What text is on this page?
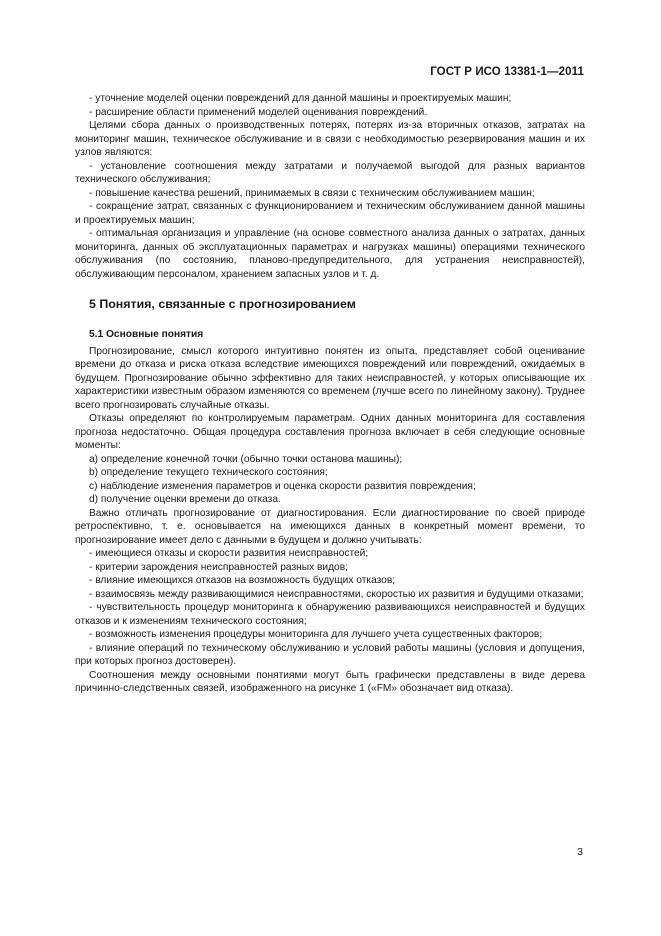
ГОСТ Р ИСО 13381-1—2011
- уточнение моделей оценки повреждений для данной машины и проектируемых машин;
- расширение области применений моделей оценивания повреждений.
Целями сбора данных о производственных потерях, потерях из-за вторичных отказов, затратах на мониторинг машин, техническое обслуживание и в связи с необходимостью резервирования машин и их узлов являются:
- установление соотношения между затратами и получаемой выгодой для разных вариантов технического обслуживания;
- повышение качества решений, принимаемых в связи с техническим обслуживанием машин;
- сокращение затрат, связанных с функционированием и техническим обслуживанием данной машины и проектируемых машин;
- оптимальная организация и управление (на основе совместного анализа данных о затратах, данных мониторинга, данных об эксплуатационных параметрах и нагрузках машины) операциями технического обслуживания (по состоянию, планово-предупредительного, для устранения неисправностей), обслуживающим персоналом, хранением запасных узлов и т. д.
5 Понятия, связанные с прогнозированием
5.1 Основные понятия
Прогнозирование, смысл которого интуитивно понятен из опыта, представляет собой оценивание времени до отказа и риска отказа вследствие имеющихся повреждений или повреждений, ожидаемых в будущем. Прогнозирование обычно эффективно для таких неисправностей, у которых описывающие их характеристики известным образом изменяются со временем (лучше всего по линейному закону). Труднее всего прогнозировать случайные отказы.
Отказы определяют по контролируемым параметрам. Одних данных мониторинга для составления прогноза недостаточно. Общая процедура составления прогноза включает в себя следующие основные моменты:
a) определение конечной точки (обычно точки останова машины);
b) определение текущего технического состояния;
c) наблюдение изменения параметров и оценка скорости развития повреждения;
d) получение оценки времени до отказа.
Важно отличать прогнозирование от диагностирования. Если диагностирование по своей природе ретроспективно, т. е. основывается на имеющихся данных в конкретный момент времени, то прогнозирование имеет дело с данными в будущем и должно учитывать:
- имеющиеся отказы и скорости развития неисправностей;
- критерии зарождения неисправностей разных видов;
- влияние имеющихся отказов на возможность будущих отказов;
- взаимосвязь между развивающимися неисправностями, скоростью их развития и будущими отказами;
- чувствительность процедур мониторинга к обнаружению развивающихся неисправностей и будущих отказов и к изменениям технического состояния;
- возможность изменения процедуры мониторинга для лучшего учета существенных факторов;
- влияние операций по техническому обслуживанию и условий работы машины (условия и допущения, при которых прогноз достоверен).
Соотношения между основными понятиями могут быть графически представлены в виде дерева причинно-следственных связей, изображенного на рисунке 1 («FM» обозначает вид отказа).
3
